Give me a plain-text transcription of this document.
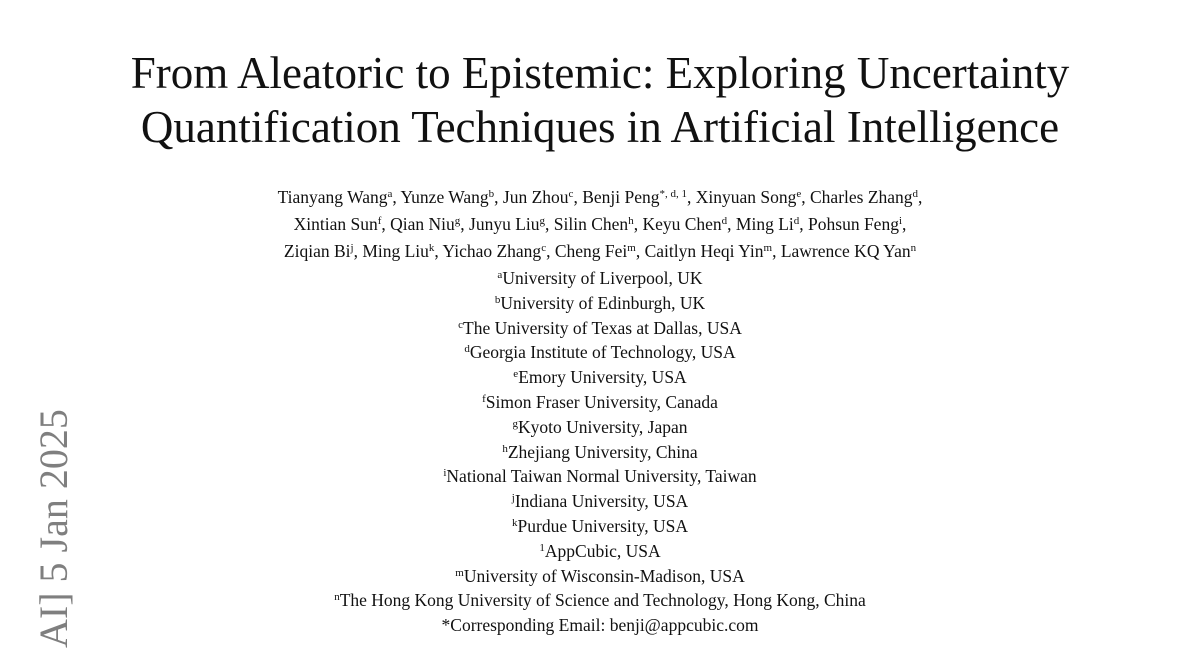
From Aleatoric to Epistemic: Exploring Uncertainty
Quantification Techniques in Artificial Intelligence
Tianyang Wang$^a$, Yunze Wang$^b$, Jun Zhou$^c$, Benji Peng$^{*, d, 1}$, Xinyuan Song$^e$, Charles Zhang$^d$,
Xintian Sun$^f$, Qian Niu$^g$, Junyu Liu$^g$, Silin Chen$^h$, Keyu Chen$^d$, Ming Li$^d$, Pohsun Feng$^i$,
Ziqian Bi$^j$, Ming Liu$^k$, Yichao Zhang$^c$, Cheng Fei$^m$, Caitlyn Heqi Yin$^m$, Lawrence KQ Yan$^n$
$^a$University of Liverpool, UK
$^b$University of Edinburgh, UK
$^c$The University of Texas at Dallas, USA
$^d$Georgia Institute of Technology, USA
$^e$Emory University, USA
$^f$Simon Fraser University, Canada
$^g$Kyoto University, Japan
$^h$Zhejiang University, China
$^i$National Taiwan Normal University, Taiwan
$^j$Indiana University, USA
$^k$Purdue University, USA
$^1$AppCubic, USA
$^m$University of Wisconsin-Madison, USA
$^n$The Hong Kong University of Science and Technology, Hong Kong, China
*Corresponding Email: benji@appcubic.com
AI] 5 Jan 2025
